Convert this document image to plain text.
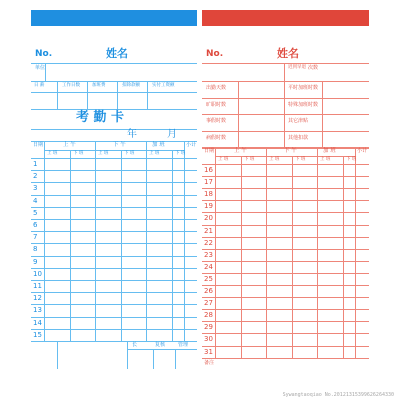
No.	姓名
单位
日 薪	工作日数	加班费	扣除款额	实付工资额
考 勤 卡
年	月
日期	上 午	下 午	加 班	小计
上 班	下 班	上 班	下 班	上 班	下 班
1
2
3
4
5
6
7
8
9
10
11
12
13
14
15
长	复核	管理
No.	姓名
迟到早退 次数
出勤天数	平时加班时数
旷职时数	特殊加班时数
事假时数	其它津贴
病假时数	其他扣款
日期	上 午	下 午	加 班	小计
上 班	下 班	上 班	下 班	上 班	下 班
16
17
18
19
20
21
22
23
24
25
26
27
28
29
30
31
备注
Sywangtaoqiao No.20121315399626264330
